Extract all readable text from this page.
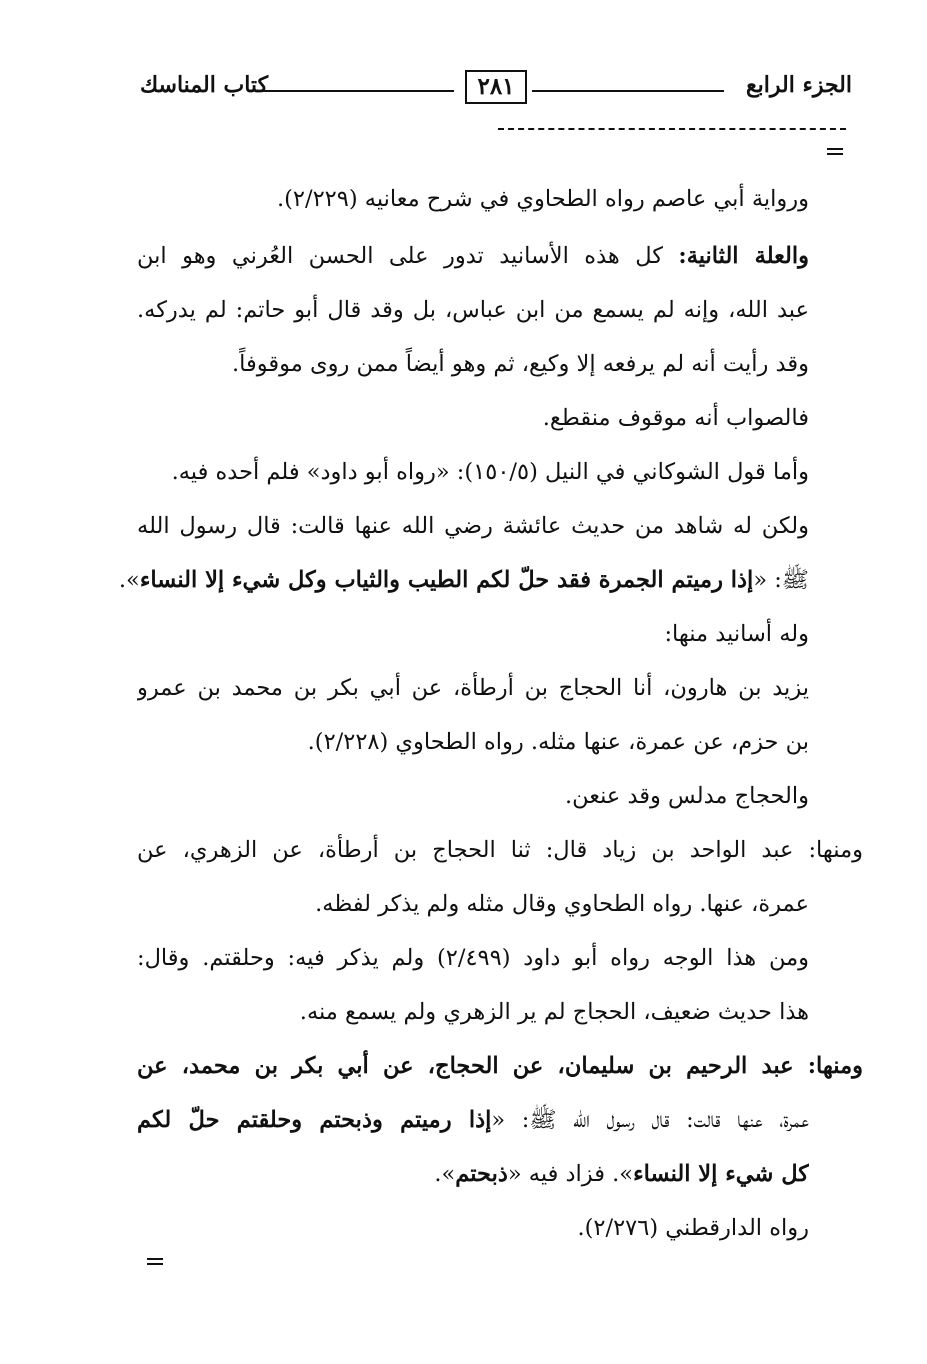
الجزء الرابع
٢٨١
كتاب المناسك
ورواية أبي عاصم رواه الطحاوي في شرح معانيه (٢/٢٢٩).
والعلة الثانية: كل هذه الأسانيد تدور على الحسن العُرني وهو ابن
عبد الله، وإنه لم يسمع من ابن عباس، بل وقد قال أبو حاتم: لم يدركه.
وقد رأيت أنه لم يرفعه إلا وكيع، ثم وهو أيضاً ممن روى موقوفاً.
فالصواب أنه موقوف منقطع.
وأما قول الشوكاني في النيل (١٥٠/٥): «رواه أبو داود» فلم أحده فيه.
ولكن له شاهد من حديث عائشة رضي الله عنها قالت: قال رسول الله
ﷺ: «إذا رميتم الجمرة فقد حلّ لكم الطيب والثياب وكل شيء إلا النساء».
وله أسانيد منها:
يزيد بن هارون، أنا الحجاج بن أرطأة، عن أبي بكر بن محمد بن عمرو
بن حزم، عن عمرة، عنها مثله. رواه الطحاوي (٢/٢٢٨).
والحجاج مدلس وقد عنعن.
ومنها: عبد الواحد بن زياد قال: ثنا الحجاج بن أرطأة، عن الزهري، عن
عمرة، عنها. رواه الطحاوي وقال مثله ولم يذكر لفظه.
ومن هذا الوجه رواه أبو داود (٢/٤٩٩) ولم يذكر فيه: وحلقتم. وقال:
هذا حديث ضعيف، الحجاج لم ير الزهري ولم يسمع منه.
ومنها: عبد الرحيم بن سليمان، عن الحجاج، عن أبي بكر بن محمد، عن
عمرة، عنها قالت: قال رسول الله ﷺ: «إذا رميتم وذبحتم وحلقتم حلّ لكم
كل شيء إلا النساء». فزاد فيه «ذبحتم».
رواه الدارقطني (٢/٢٧٦).
